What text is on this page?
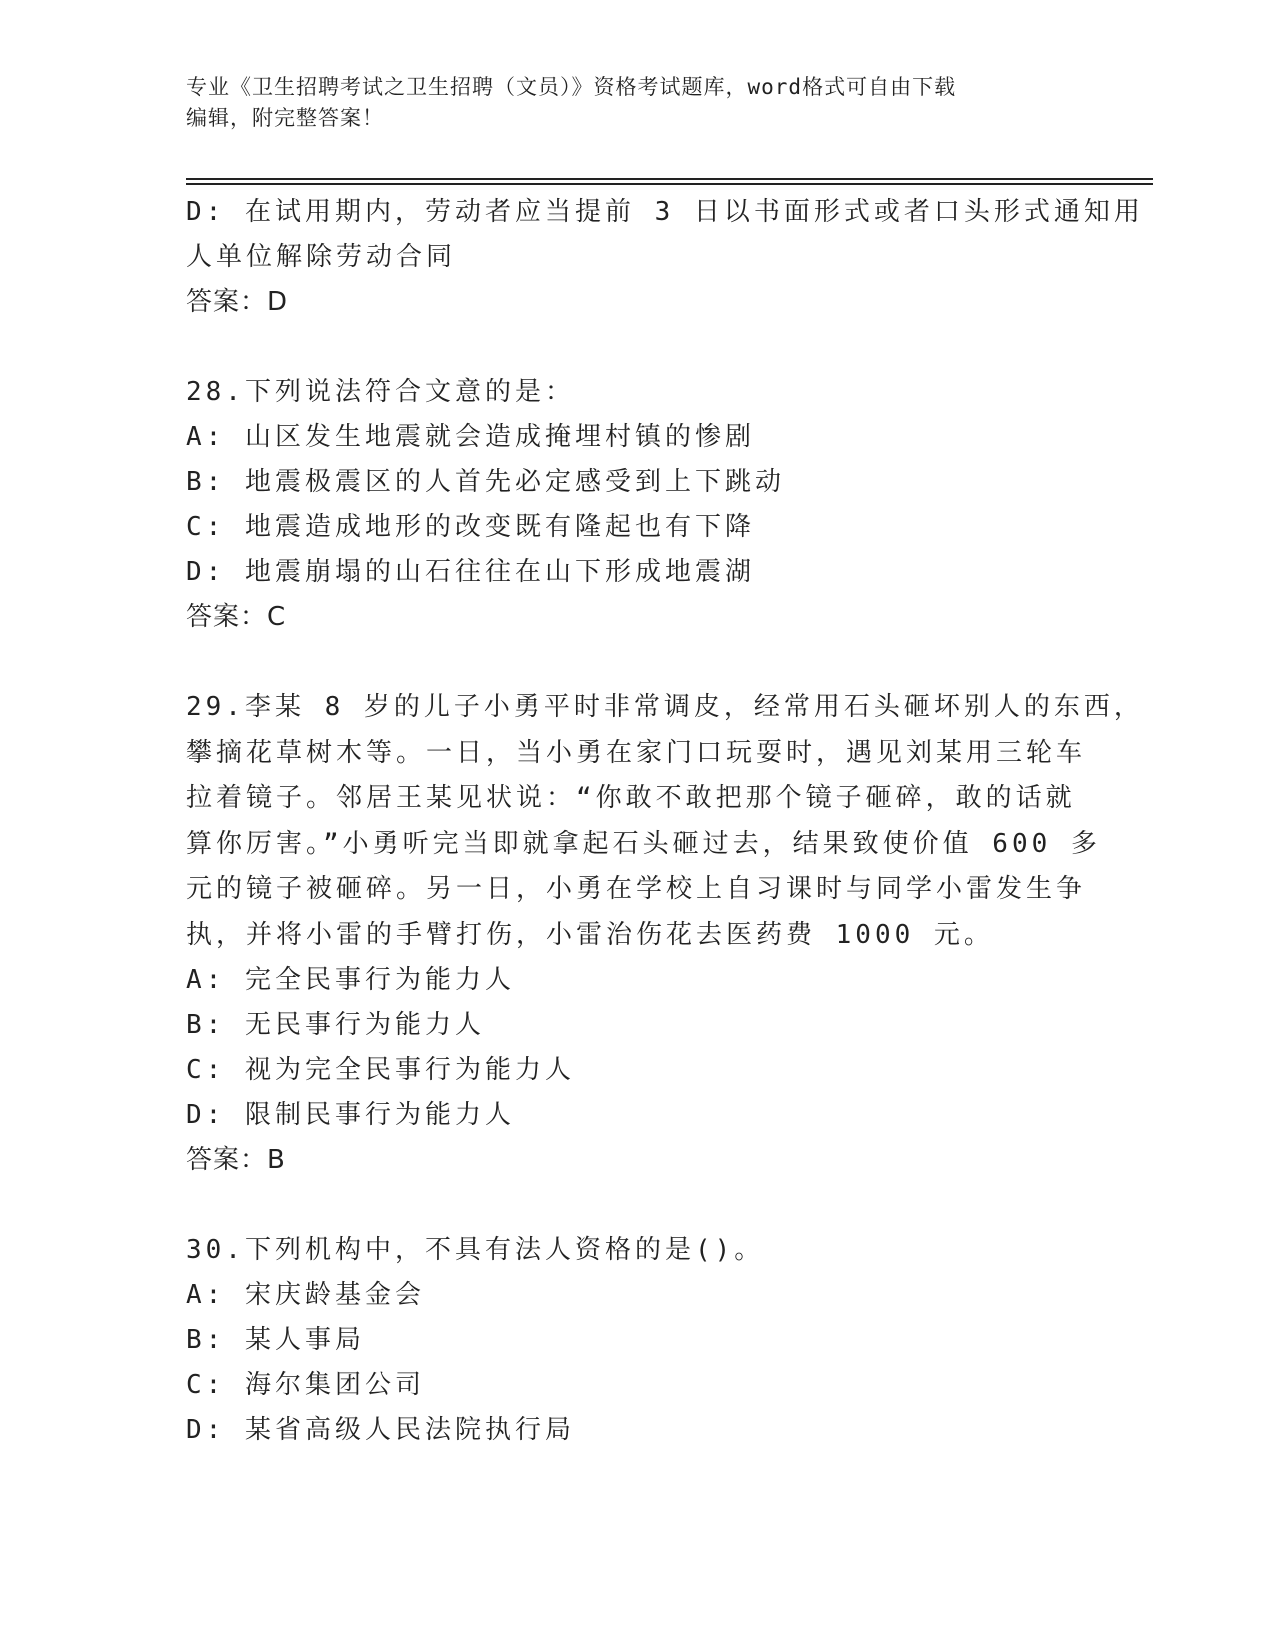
专业《卫生招聘考试之卫生招聘（文员）》资格考试题库，word格式可自由下载
编辑，附完整答案！
D: 在试用期内，劳动者应当提前 3 日以书面形式或者口头形式通知用
人单位解除劳动合同
答案：D
28.下列说法符合文意的是：
A: 山区发生地震就会造成掩埋村镇的惨剧
B: 地震极震区的人首先必定感受到上下跳动
C: 地震造成地形的改变既有隆起也有下降
D: 地震崩塌的山石往往在山下形成地震湖
答案：C
29.李某 8 岁的儿子小勇平时非常调皮，经常用石头砸坏别人的东西，
攀摘花草树木等。一日，当小勇在家门口玩耍时，遇见刘某用三轮车
拉着镜子。邻居王某见状说：“你敢不敢把那个镜子砸碎，敢的话就
算你厉害。”小勇听完当即就拿起石头砸过去，结果致使价值 600 多
元的镜子被砸碎。另一日，小勇在学校上自习课时与同学小雷发生争
执，并将小雷的手臂打伤，小雷治伤花去医药费 1000 元。
A: 完全民事行为能力人
B: 无民事行为能力人
C: 视为完全民事行为能力人
D: 限制民事行为能力人
答案：B
30.下列机构中，不具有法人资格的是()。
A: 宋庆龄基金会
B: 某人事局
C: 海尔集团公司
D: 某省高级人民法院执行局
